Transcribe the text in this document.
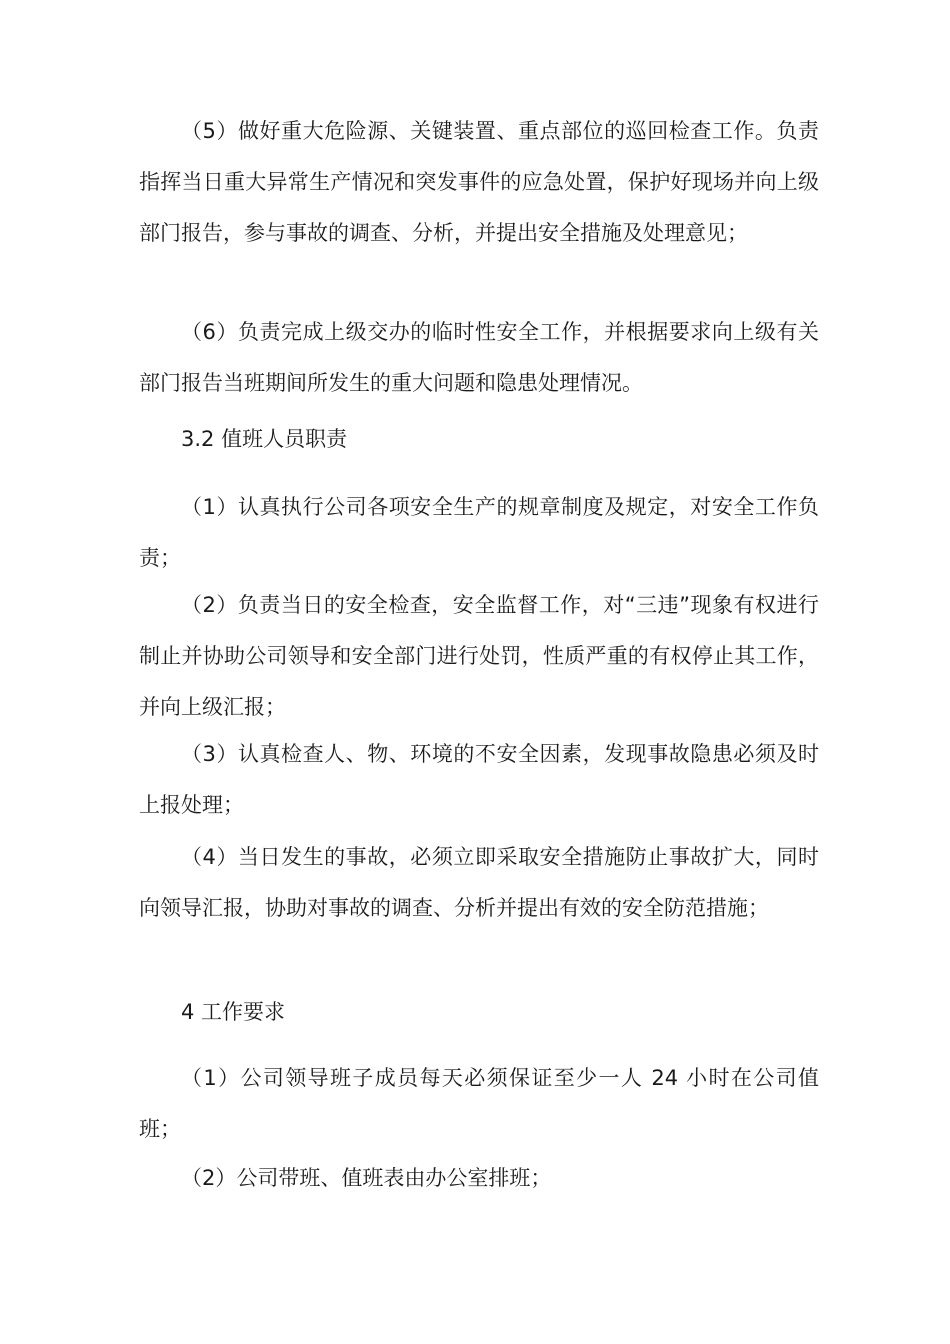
（5）做好重大危险源、关键装置、重点部位的巡回检查工作。负责指挥当日重大异常生产情况和突发事件的应急处置，保护好现场并向上级部门报告，参与事故的调查、分析，并提出安全措施及处理意见；

（6）负责完成上级交办的临时性安全工作，并根据要求向上级有关部门报告当班期间所发生的重大问题和隐患处理情况。

3.2 值班人员职责

（1）认真执行公司各项安全生产的规章制度及规定，对安全工作负责；

（2）负责当日的安全检查，安全监督工作，对“三违”现象有权进行制止并协助公司领导和安全部门进行处罚，性质严重的有权停止其工作，并向上级汇报；

（3）认真检查人、物、环境的不安全因素，发现事故隐患必须及时上报处理；

（4）当日发生的事故，必须立即采取安全措施防止事故扩大，同时向领导汇报，协助对事故的调查、分析并提出有效的安全防范措施；

4 工作要求

（1）公司领导班子成员每天必须保证至少一人 24 小时在公司值班；

（2）公司带班、值班表由办公室排班；
